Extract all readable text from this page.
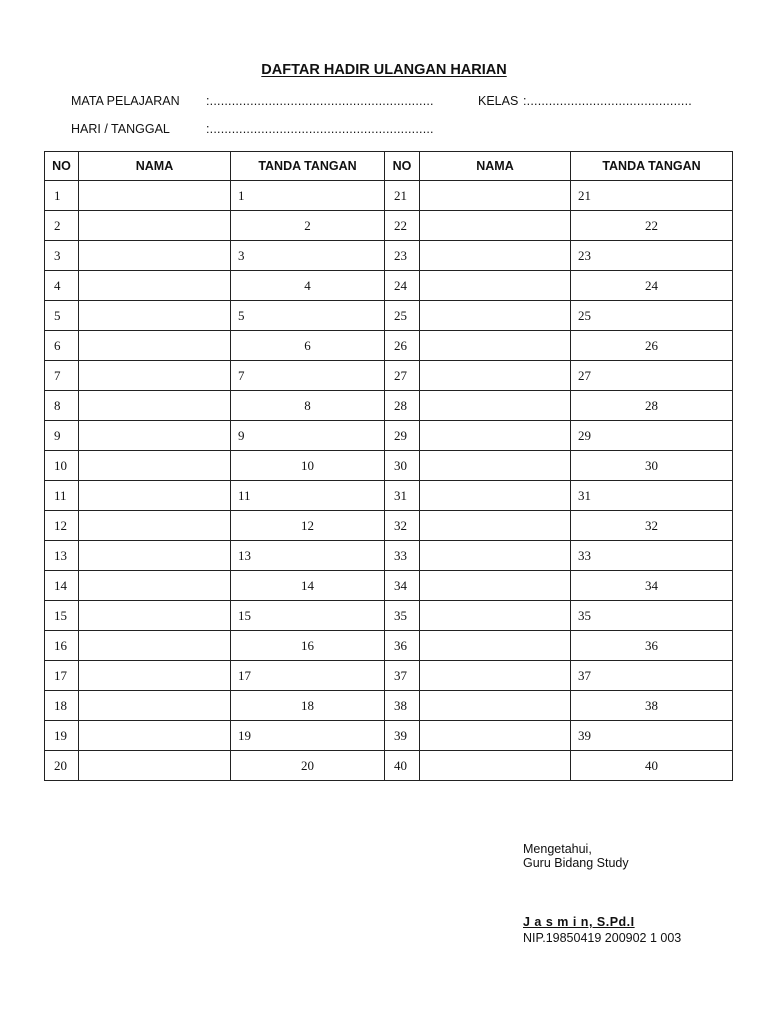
DAFTAR HADIR ULANGAN HARIAN
MATA PELAJARAN :.............................................................	KELAS :.............................................
HARI / TANGGAL	:.............................................................
NO	NAMA	TANDA TANGAN	NO	NAMA	TANDA TANGAN
1		1	21		21
2		2	22		22
3		3	23		23
4		4	24		24
5		5	25		25
6		6	26		26
7		7	27		27
8		8	28		28
9		9	29		29
10		10	30		30
11		11	31		31
12		12	32		32
13		13	33		33
14		14	34		34
15		15	35		35
16		16	36		36
17		17	37		37
18		18	38		38
19		19	39		39
20		20	40		40
Mengetahui,
Guru Bidang Study
J a s m i n, S.Pd.I
NIP.19850419 200902 1 003
